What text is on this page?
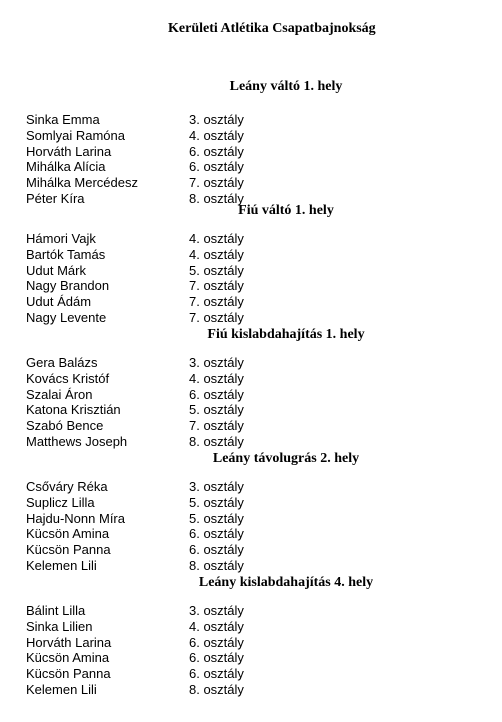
Kerületi Atlétika Csapatbajnokság
Leány váltó 1. hely
Sinka Emma	3. osztály
Somlyai Ramóna	4. osztály
Horváth Larina	6. osztály
Mihálka Alícia	6. osztály
Mihálka Mercédesz	7. osztály
Péter Kíra	8. osztály
Fiú váltó 1. hely
Hámori Vajk	4. osztály
Bartók Tamás	4. osztály
Udut Márk	5. osztály
Nagy Brandon	7. osztály
Udut Ádám	7. osztály
Nagy Levente	7. osztály
Fiú kislabdahajítás 1. hely
Gera Balázs	3. osztály
Kovács Kristóf	4. osztály
Szalai Áron	6. osztály
Katona Krisztián	5. osztály
Szabó Bence	7. osztály
Matthews Joseph	8. osztály
Leány távolugrás 2. hely
Csőváry Réka	3. osztály
Suplicz Lilla	5. osztály
Hajdu-Nonn Míra	5. osztály
Kücsön Amina	6. osztály
Kücsön Panna	6. osztály
Kelemen Lili	8. osztály
Leány kislabdahajítás 4. hely
Bálint Lilla	3. osztály
Sinka Lilien	4. osztály
Horváth Larina	6. osztály
Kücsön Amina	6. osztály
Kücsön Panna	6. osztály
Kelemen Lili	8. osztály
